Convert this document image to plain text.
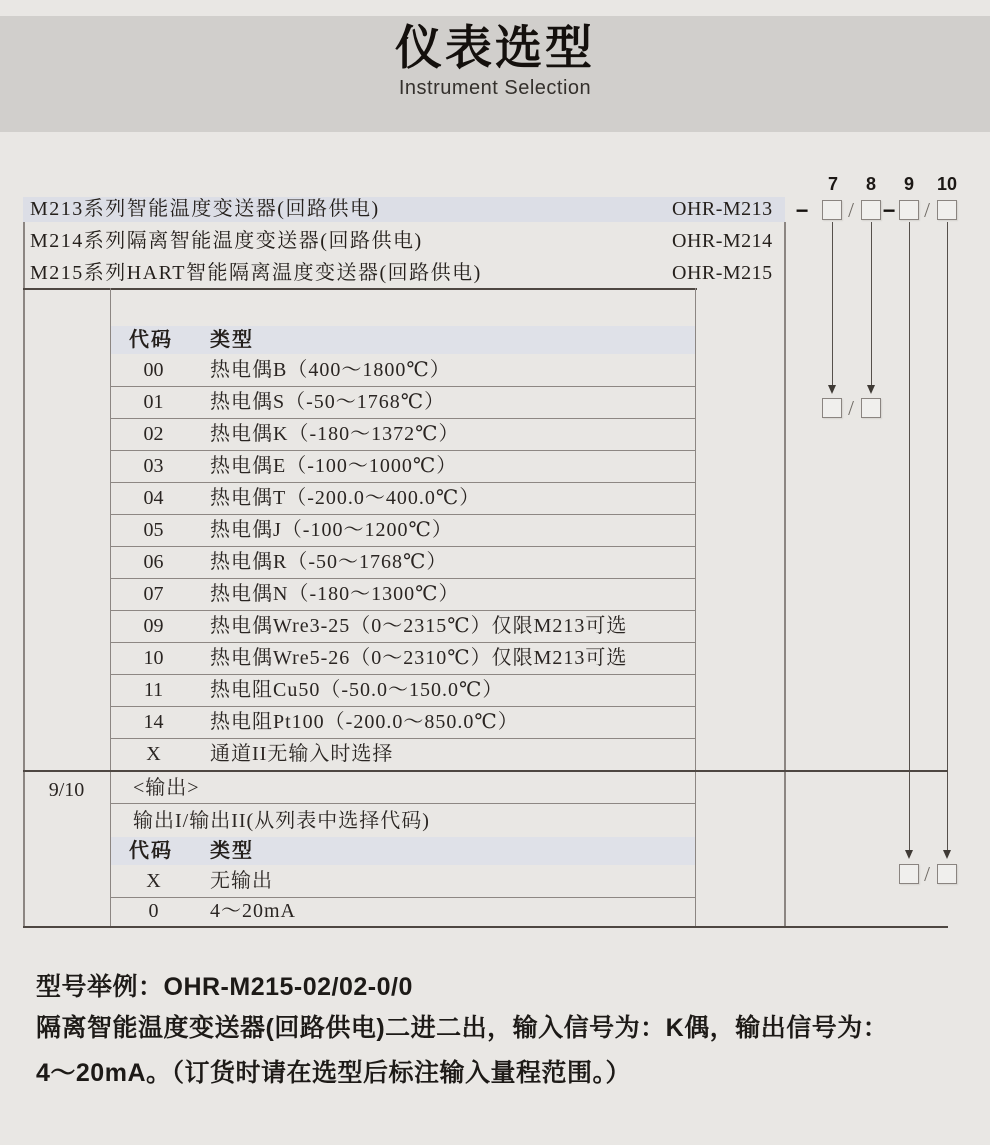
仪表选型
Instrument Selection
M213系列智能温度变送器(回路供电)	OHR-M213
M214系列隔离智能温度变送器(回路供电)	OHR-M214
M215系列HART智能隔离温度变送器(回路供电)	OHR-M215
7	8	9	10
− / − /
/
/
代码 类型
00	热电偶B（400～1800℃）
01	热电偶S（-50～1768℃）
02	热电偶K（-180～1372℃）
03	热电偶E（-100～1000℃）
04	热电偶T（-200.0～400.0℃）
05	热电偶J（-100～1200℃）
06	热电偶R（-50～1768℃）
07	热电偶N（-180～1300℃）
09	热电偶Wre3-25（0～2315℃）仅限M213可选
10	热电偶Wre5-26（0～2310℃）仅限M213可选
11	热电阻Cu50（-50.0～150.0℃）
14	热电阻Pt100（-200.0～850.0℃）
X	通道II无输入时选择
9/10	<输出>
输出I/输出II(从列表中选择代码)
代码 类型
X	无输出
0	4～20mA
型号举例：OHR-M215-02/02-0/0
隔离智能温度变送器(回路供电)二进二出，输入信号为：K偶，输出信号为：
4～20mA。（订货时请在选型后标注输入量程范围。）
